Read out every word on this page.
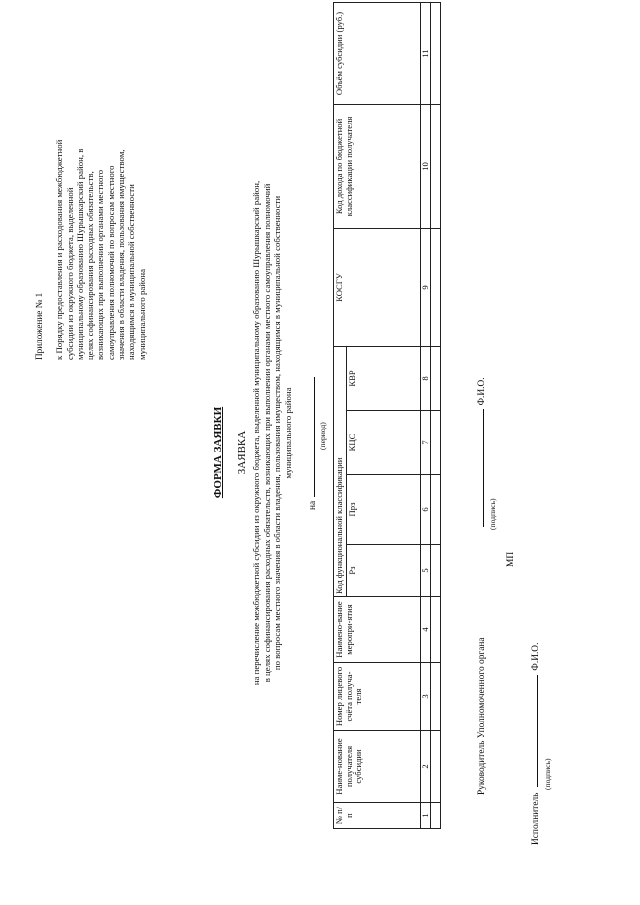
Приложение № 1 к Порядку предоставления и расходования межбюджетной субсидии из окружного бюджета, выделенной муниципальному образованию Шурышкарский район, в целях софинансирования расходных обязательств, возникающих при выполнении органами местного самоуправления полномочий по вопросам местного значения в области владения, пользования имуществом, находящимся в муниципальной собственности муниципального района
ФОРМА ЗАЯВКИ ЗАЯВКА на перечисление межбюджетной субсидии из окружного бюджета, выделенной муниципальному образованию Шурышкарский район, в целях софинансирования расходных обязательств, возникающих при выполнении органами местного самоуправления полномочий по вопросам местного значения в области владения, пользования имуществом, находящимся в муниципальной собственности муниципального района
на
(период)
№ п/п	Наиме-нование получателя субсидии	Номер лицевого счёта получа-теля	Наимено-вание меропри-ятия	Код функциональной классификации				КОСГУ	Код дохода по бюджетной классификации получателя	Объём субсидии (руб.)
				Рз	Прз	КЦС	КВР			
1	2	3	4	5	6	7	8	9	10	11

Руководитель Уполномоченного органаФ.И.О.
(подпись)
МП
ИсполнительФ.И.О.
(подпись)
